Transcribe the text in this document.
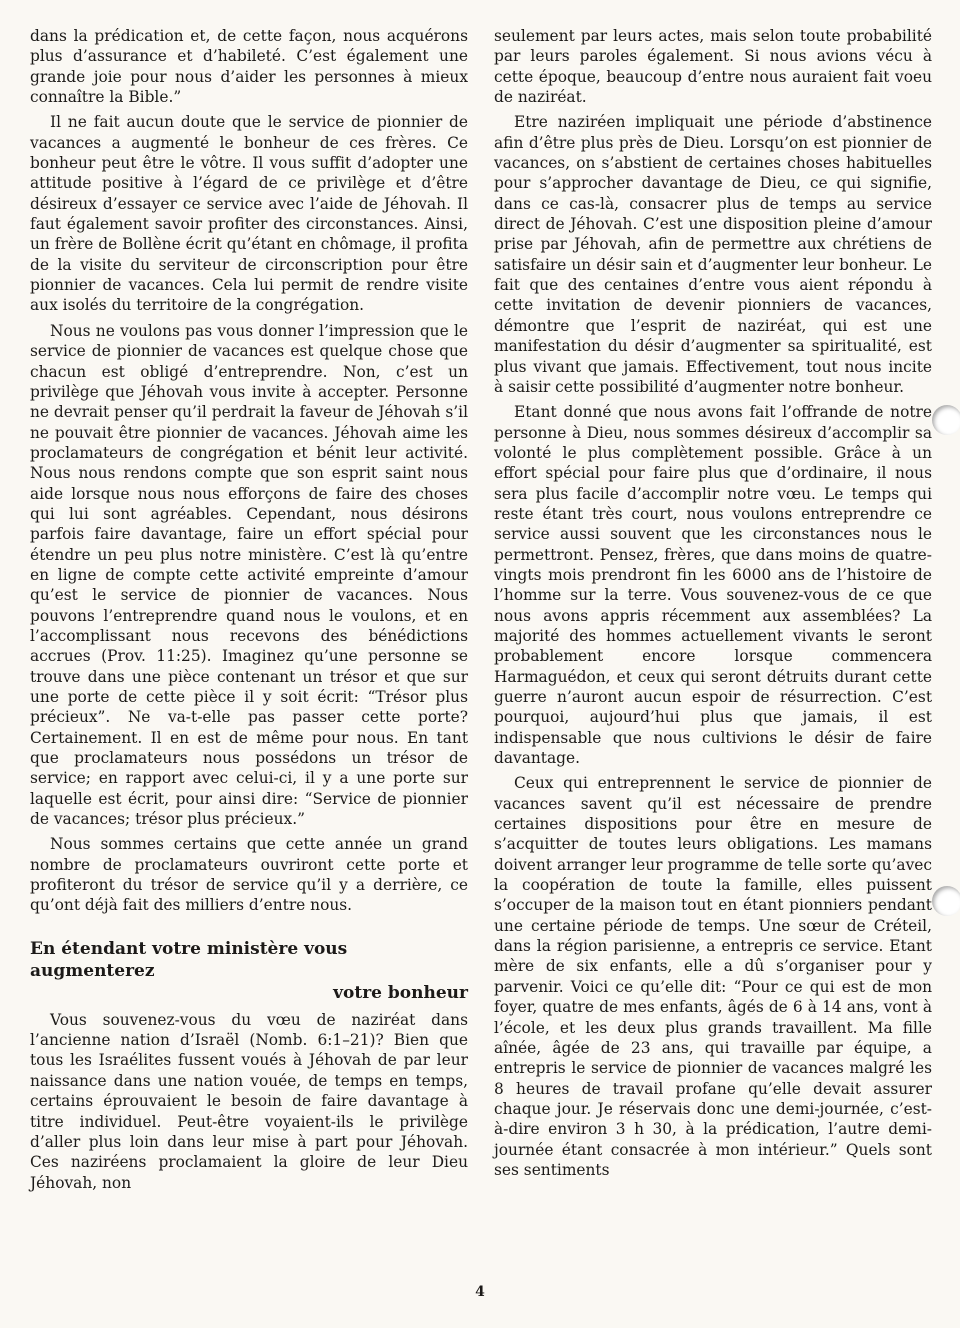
dans la prédication et, de cette façon, nous acquérons plus d’assurance et d’habileté. C’est également une grande joie pour nous d’aider les personnes à mieux connaître la Bible.”

Il ne fait aucun doute que le service de pionnier de vacances a augmenté le bonheur de ces frères. Ce bonheur peut être le vôtre. Il vous suffit d’adopter une attitude positive à l’égard de ce privilège et d’être désireux d’essayer ce service avec l’aide de Jéhovah. Il faut également savoir profiter des circonstances. Ainsi, un frère de Bollène écrit qu’étant en chômage, il profita de la visite du serviteur de circonscription pour être pionnier de vacances. Cela lui permit de rendre visite aux isolés du territoire de la congrégation.

Nous ne voulons pas vous donner l’impression que le service de pionnier de vacances est quelque chose que chacun est obligé d’entreprendre. Non, c’est un privilège que Jéhovah vous invite à accepter. Personne ne devrait penser qu’il perdrait la faveur de Jéhovah s’il ne pouvait être pionnier de vacances. Jéhovah aime les proclamateurs de congrégation et bénit leur activité. Nous nous rendons compte que son esprit saint nous aide lorsque nous nous efforçons de faire des choses qui lui sont agréables. Cependant, nous désirons parfois faire davantage, faire un effort spécial pour étendre un peu plus notre ministère. C’est là qu’entre en ligne de compte cette activité empreinte d’amour qu’est le service de pionnier de vacances. Nous pouvons l’entreprendre quand nous le voulons, et en l’accomplissant nous recevons des bénédictions accrues (Prov. 11:25). Imaginez qu’une personne se trouve dans une pièce contenant un trésor et que sur une porte de cette pièce il y soit écrit: “Trésor plus précieux”. Ne va-t-elle pas passer cette porte? Certainement. Il en est de même pour nous. En tant que proclamateurs nous possédons un trésor de service; en rapport avec celui-ci, il y a une porte sur laquelle est écrit, pour ainsi dire: “Service de pionnier de vacances; trésor plus précieux.”

Nous sommes certains que cette année un grand nombre de proclamateurs ouvriront cette porte et profiteront du trésor de service qu’il y a derrière, ce qu’ont déjà fait des milliers d’entre nous.

En étendant votre ministère vous augmenterez
votre bonheur

Vous souvenez-vous du vœu de naziréat dans l’ancienne nation d’Israël (Nomb. 6:1–21)? Bien que tous les Israélites fussent voués à Jéhovah de par leur naissance dans une nation vouée, de temps en temps, certains éprouvaient le besoin de faire davantage à titre individuel. Peut-être voyaient-ils le privilège d’aller plus loin dans leur mise à part pour Jéhovah. Ces naziréens proclamaient la gloire de leur Dieu Jéhovah, non

seulement par leurs actes, mais selon toute probabilité par leurs paroles également. Si nous avions vécu à cette époque, beaucoup d’entre nous auraient fait voeu de naziréat.

Etre naziréen impliquait une période d’abstinence afin d’être plus près de Dieu. Lorsqu’on est pionnier de vacances, on s’abstient de certaines choses habituelles pour s’approcher davantage de Dieu, ce qui signifie, dans ce cas-là, consacrer plus de temps au service direct de Jéhovah. C’est une disposition pleine d’amour prise par Jéhovah, afin de permettre aux chrétiens de satisfaire un désir sain et d’augmenter leur bonheur. Le fait que des centaines d’entre vous aient répondu à cette invitation de devenir pionniers de vacances, démontre que l’esprit de naziréat, qui est une manifestation du désir d’augmenter sa spiritualité, est plus vivant que jamais. Effectivement, tout nous incite à saisir cette possibilité d’augmenter notre bonheur.

Etant donné que nous avons fait l’offrande de notre personne à Dieu, nous sommes désireux d’accomplir sa volonté le plus complètement possible. Grâce à un effort spécial pour faire plus que d’ordinaire, il nous sera plus facile d’accomplir notre vœu. Le temps qui reste étant très court, nous voulons entreprendre ce service aussi souvent que les circonstances nous le permettront. Pensez, frères, que dans moins de quatre-vingts mois prendront fin les 6000 ans de l’histoire de l’homme sur la terre. Vous souvenez-vous de ce que nous avons appris récemment aux assemblées? La majorité des hommes actuellement vivants le seront probablement encore lorsque commencera Harmaguédon, et ceux qui seront détruits durant cette guerre n’auront aucun espoir de résurrection. C’est pourquoi, aujourd’hui plus que jamais, il est indispensable que nous cultivions le désir de faire davantage.

Ceux qui entreprennent le service de pionnier de vacances savent qu’il est nécessaire de prendre certaines dispositions pour être en mesure de s’acquitter de toutes leurs obligations. Les mamans doivent arranger leur programme de telle sorte qu’avec la coopération de toute la famille, elles puissent s’occuper de la maison tout en étant pionniers pendant une certaine période de temps. Une sœur de Créteil, dans la région parisienne, a entrepris ce service. Etant mère de six enfants, elle a dû s’organiser pour y parvenir. Voici ce qu’elle dit: “Pour ce qui est de mon foyer, quatre de mes enfants, âgés de 6 à 14 ans, vont à l’école, et les deux plus grands travaillent. Ma fille aînée, âgée de 23 ans, qui travaille par équipe, a entrepris le service de pionnier de vacances malgré les 8 heures de travail profane qu’elle devait assurer chaque jour. Je réservais donc une demi-journée, c’est-à-dire environ 3 h 30, à la prédication, l’autre demi-journée étant consacrée à mon intérieur.” Quels sont ses sentiments

4
